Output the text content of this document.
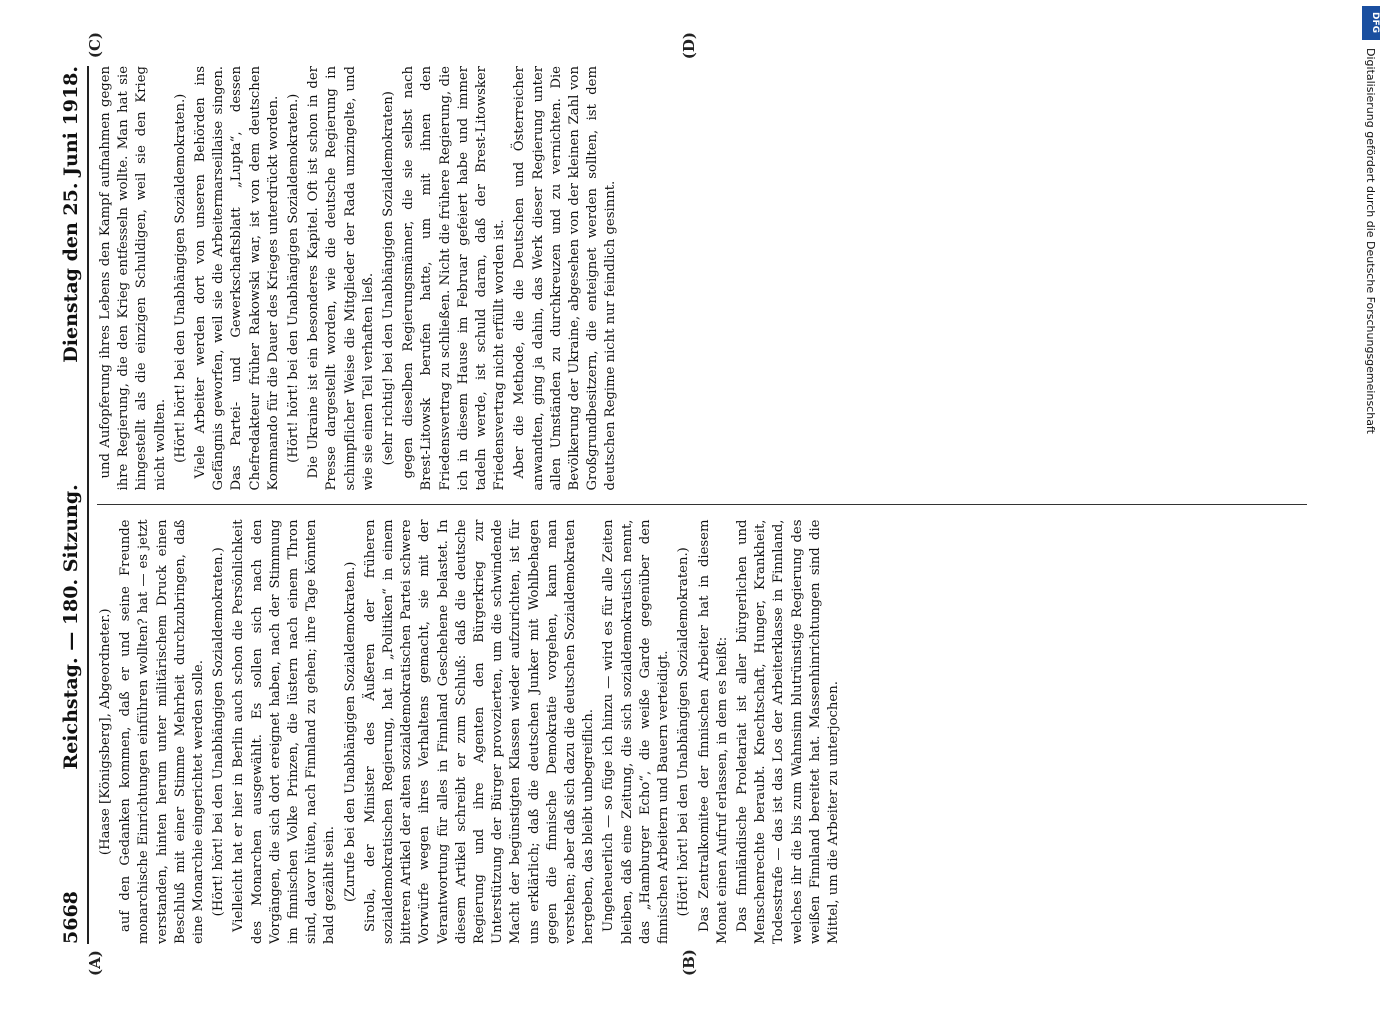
5668
Reichstag. — 180. Sitzung.
Dienstag den 25. Juni 1918.

(Haase [Königsberg], Abgeordneter.) auf den Gedanken kommen, daß er und seine Freunde monarchische Einrichtungen einführen wollten? hat — es jetzt verstanden, hinten herum unter militärischem Druck einen Beschluß mit einer Stimme Mehrheit durchzubringen, daß eine Monarchie eingerichtet werden solle. (Hört! hört! bei den Unabhängigen Sozialdemokraten.) Vielleicht hat er hier in Berlin auch schon die Persönlichkeit des Monarchen ausgewählt. Es sollen sich nach den Vorgängen, die sich dort ereignet haben, nach der Stimmung im finnischen Volke Prinzen, die lüstern nach einem Thron sind, davor hüten, nach Finnland zu gehen; ihre Tage könnten bald gezählt sein. (Zurufe bei den Unabhängigen Sozialdemokraten.) Sirola, der Minister des Äußeren der früheren sozialdemokratischen Regierung, hat in „Politiken“ in einem bitteren Artikel der alten sozialdemokratischen Partei schwere Vorwürfe wegen ihres Verhaltens gemacht, sie mit der Verantwortung für alles in Finnland Geschehene belastet. In diesem Artikel schreibt er zum Schluß: daß die deutsche Regierung und ihre Agenten den Bürgerkrieg zur Unterstützung der Bürger provozierten, um die schwindende Macht der begünstigten Klassen wieder aufzurichten, ist für uns erklärlich; daß die deutschen Junker mit Wohlbehagen gegen die finnische Demokratie vorgehen, kann man verstehen; aber daß sich dazu die deutschen Sozialdemokraten hergeben, das bleibt unbegreiflich. Ungeheuerlich — so füge ich hinzu — wird es für alle Zeiten bleiben, daß eine Zeitung, die sich sozialdemokratisch nennt, das „Hamburger Echo“, die weiße Garde gegenüber den finnischen Arbeitern und Bauern verteidigt. (Hört! hört! bei den Unabhängigen Sozialdemokraten.) Das Zentralkomitee der finnischen Arbeiter hat in diesem Monat einen Aufruf erlassen, in dem es heißt: Das finnländische Proletariat ist aller bürgerlichen und Menschenrechte beraubt. Knechtschaft, Hunger, Krankheit, Todesstrafe — das ist das Los der Arbeiterklasse in Finnland, welches ihr die bis zum Wahnsinn blutrünstige Regierung des weißen Finnland bereitet hat. Massenhinrichtungen sind die Mittel, um die Arbeiter zu unterjochen.

und Aufopferung ihres Lebens den Kampf aufnahmen gegen ihre Regierung, die den Krieg entfesseln wollte. Man hat sie hingestellt als die einzigen Schuldigen, weil sie den Krieg nicht wollten. (Hört! hört! bei den Unabhängigen Sozialdemokraten.) Viele Arbeiter werden dort von unseren Behörden ins Gefängnis geworfen, weil sie die Arbeitermarseillaise singen. Das Partei- und Gewerkschaftsblatt „Lupta“, dessen Chefredakteur früher Rakowski war, ist von dem deutschen Kommando für die Dauer des Krieges unterdrückt worden. (Hört! hört! bei den Unabhängigen Sozialdemokraten.) Die Ukraine ist ein besonderes Kapitel. Oft ist schon in der Presse dargestellt worden, wie die deutsche Regierung in schimpflicher Weise die Mitglieder der Rada umzingelte, und wie sie einen Teil verhaften ließ. (sehr richtig! bei den Unabhängigen Sozialdemokraten) gegen dieselben Regierungsmänner, die sie selbst nach Brest-Litowsk berufen hatte, um mit ihnen den Friedensvertrag zu schließen. Nicht die frühere Regierung, die ich in diesem Hause im Februar gefeiert habe und immer tadeln werde, ist schuld daran, daß der Brest-Litowsker Friedensvertrag nicht erfüllt worden ist. Aber die Methode, die die Deutschen und Österreicher anwandten, ging ja dahin, das Werk dieser Regierung unter allen Umständen zu durchkreuzen und zu vernichten. Die Bevölkerung der Ukraine, abgesehen von der kleinen Zahl von Großgrundbesitzern, die enteignet werden sollten, ist dem deutschen Regime nicht nur feindlich gesinnt.

(A)	(B)
(C)	(D)
DFG
Digitalisierung gefördert durch die Deutsche Forschungsgemeinschaft
